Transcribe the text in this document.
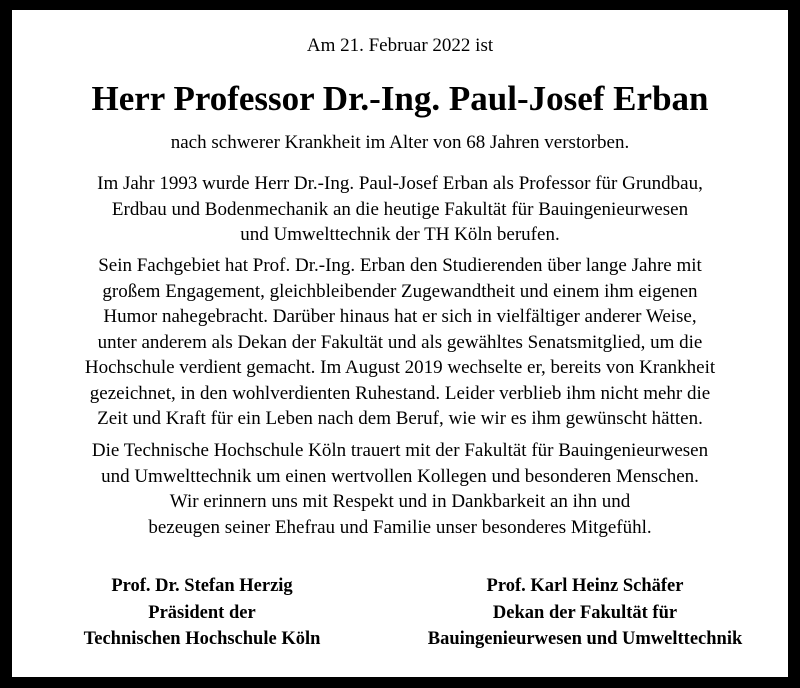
Am 21. Februar 2022 ist
Herr Professor Dr.-Ing. Paul-Josef Erban
nach schwerer Krankheit im Alter von 68 Jahren verstorben.
Im Jahr 1993 wurde Herr Dr.-Ing. Paul-Josef Erban als Professor für Grundbau,
Erdbau und Bodenmechanik an die heutige Fakultät für Bauingenieurwesen
und Umwelttechnik der TH Köln berufen.
Sein Fachgebiet hat Prof. Dr.-Ing. Erban den Studierenden über lange Jahre mit
großem Engagement, gleichbleibender Zugewandtheit und einem ihm eigenen
Humor nahegebracht. Darüber hinaus hat er sich in vielfältiger anderer Weise,
unter anderem als Dekan der Fakultät und als gewähltes Senatsmitglied, um die
Hochschule verdient gemacht. Im August 2019 wechselte er, bereits von Krankheit
gezeichnet, in den wohlverdienten Ruhestand. Leider verblieb ihm nicht mehr die
Zeit und Kraft für ein Leben nach dem Beruf, wie wir es ihm gewünscht hätten.
Die Technische Hochschule Köln trauert mit der Fakultät für Bauingenieurwesen
und Umwelttechnik um einen wertvollen Kollegen und besonderen Menschen.
Wir erinnern uns mit Respekt und in Dankbarkeit an ihn und
bezeugen seiner Ehefrau und Familie unser besonderes Mitgefühl.
Prof. Dr. Stefan Herzig
Präsident der
Technischen Hochschule Köln
Prof. Karl Heinz Schäfer
Dekan der Fakultät für
Bauingenieurwesen und Umwelttechnik
